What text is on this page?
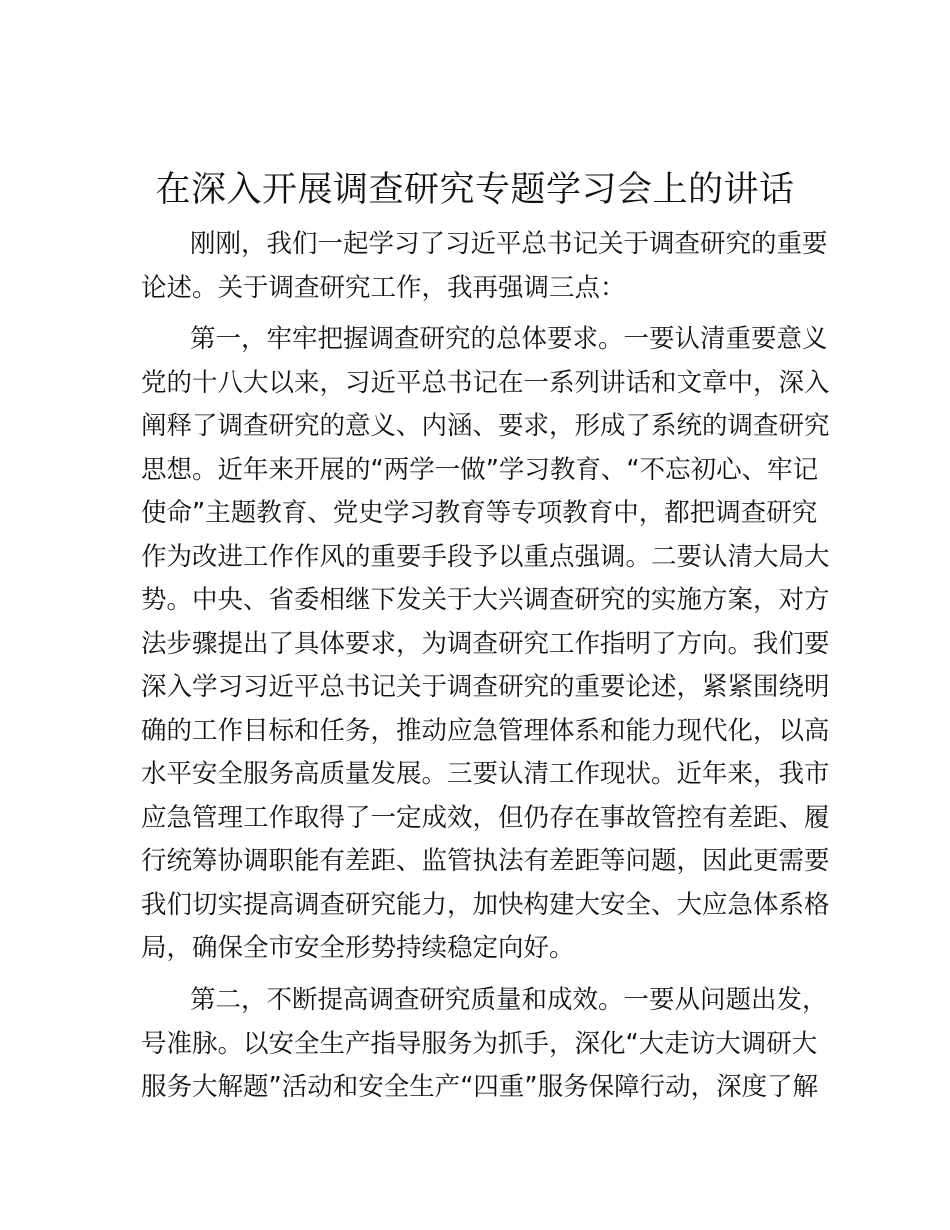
在深入开展调查研究专题学习会上的讲话
刚刚，我们一起学习了习近平总书记关于调查研究的重要
论述。关于调查研究工作，我再强调三点：
第一，牢牢把握调查研究的总体要求。一要认清重要意义
党的十八大以来，习近平总书记在一系列讲话和文章中，深入
阐释了调查研究的意义、内涵、要求，形成了系统的调查研究
思想。近年来开展的“两学一做”学习教育、“不忘初心、牢记
使命”主题教育、党史学习教育等专项教育中，都把调查研究
作为改进工作作风的重要手段予以重点强调。二要认清大局大
势。中央、省委相继下发关于大兴调查研究的实施方案，对方
法步骤提出了具体要求，为调查研究工作指明了方向。我们要
深入学习习近平总书记关于调查研究的重要论述，紧紧围绕明
确的工作目标和任务，推动应急管理体系和能力现代化，以高
水平安全服务高质量发展。三要认清工作现状。近年来，我市
应急管理工作取得了一定成效，但仍存在事故管控有差距、履
行统筹协调职能有差距、监管执法有差距等问题，因此更需要
我们切实提高调查研究能力，加快构建大安全、大应急体系格
局，确保全市安全形势持续稳定向好。
第二，不断提高调查研究质量和成效。一要从问题出发，
号准脉。以安全生产指导服务为抓手，深化“大走访大调研大
服务大解题”活动和安全生产“四重”服务保障行动，深度了解
